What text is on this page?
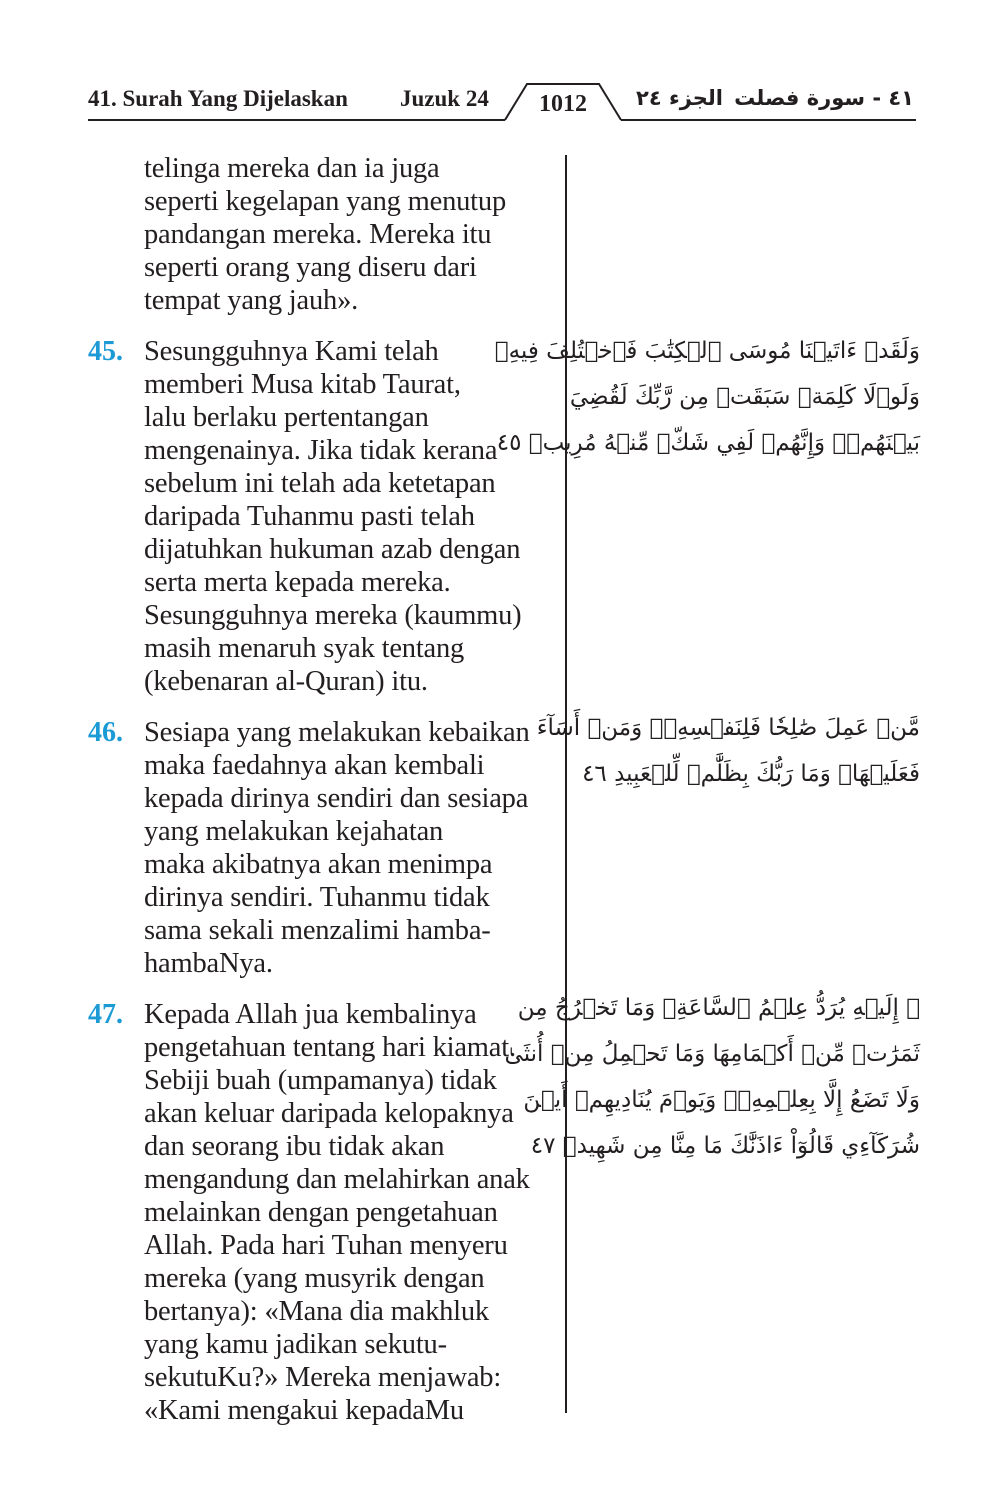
41. Surah Yang Dijelaskan Juzuk 24	1012	الجزء ٢٤ ٤١ - سورة فصلت
telinga mereka dan ia juga
seperti kegelapan yang menutup
pandangan mereka. Mereka itu
seperti orang yang diseru dari
tempat yang jauh».
45. Sesungguhnya Kami telah
memberi Musa kitab Taurat,
lalu berlaku pertentangan
mengenainya. Jika tidak kerana
sebelum ini telah ada ketetapan
daripada Tuhanmu pasti telah
dijatuhkan hukuman azab dengan
serta merta kepada mereka.
Sesungguhnya mereka (kaummu)
masih menaruh syak tentang
(kebenaran al-Quran) itu.
46. Sesiapa yang melakukan kebaikan
maka faedahnya akan kembali
kepada dirinya sendiri dan sesiapa
yang melakukan kejahatan
maka akibatnya akan menimpa
dirinya sendiri. Tuhanmu tidak
sama sekali menzalimi hamba-
hambaNya.
47. Kepada Allah jua kembalinya
pengetahuan tentang hari kiamat.
Sebiji buah (umpamanya) tidak
akan keluar daripada kelopaknya
dan seorang ibu tidak akan
mengandung dan melahirkan anak
melainkan dengan pengetahuan
Allah. Pada hari Tuhan menyeru
mereka (yang musyrik dengan
bertanya): «Mana dia makhluk
yang kamu jadikan sekutu-
sekutuKu?» Mereka menjawab:
«Kami mengakui kepadaMu
وَلَقَدۡ ءَاتَيۡنَا مُوسَى ٱلۡكِتَٰبَ فَٱخۡتُلِفَ فِيهِۗ
وَلَوۡلَا كَلِمَةٞ سَبَقَتۡ مِن رَّبِّكَ لَقُضِيَ
بَيۡنَهُمۡۚ وَإِنَّهُمۡ لَفِي شَكّٖ مِّنۡهُ مُرِيبٖ ٤٥
مَّنۡ عَمِلَ صَٰلِحٗا فَلِنَفۡسِهِۦۖ وَمَنۡ أَسَآءَ
فَعَلَيۡهَاۗ وَمَا رَبُّكَ بِظَلَّٰمٖ لِّلۡعَبِيدِ ٤٦
۞ إِلَيۡهِ يُرَدُّ عِلۡمُ ٱلسَّاعَةِۚ وَمَا تَخۡرُجُ مِن
ثَمَرَٰتٖ مِّنۡ أَكۡمَامِهَا وَمَا تَحۡمِلُ مِنۡ أُنثَىٰ
وَلَا تَضَعُ إِلَّا بِعِلۡمِهِۦۚ وَيَوۡمَ يُنَادِيهِمۡ أَيۡنَ
شُرَكَآءِي قَالُوٓاْ ءَاذَنَّٰكَ مَا مِنَّا مِن شَهِيدٖ ٤٧
